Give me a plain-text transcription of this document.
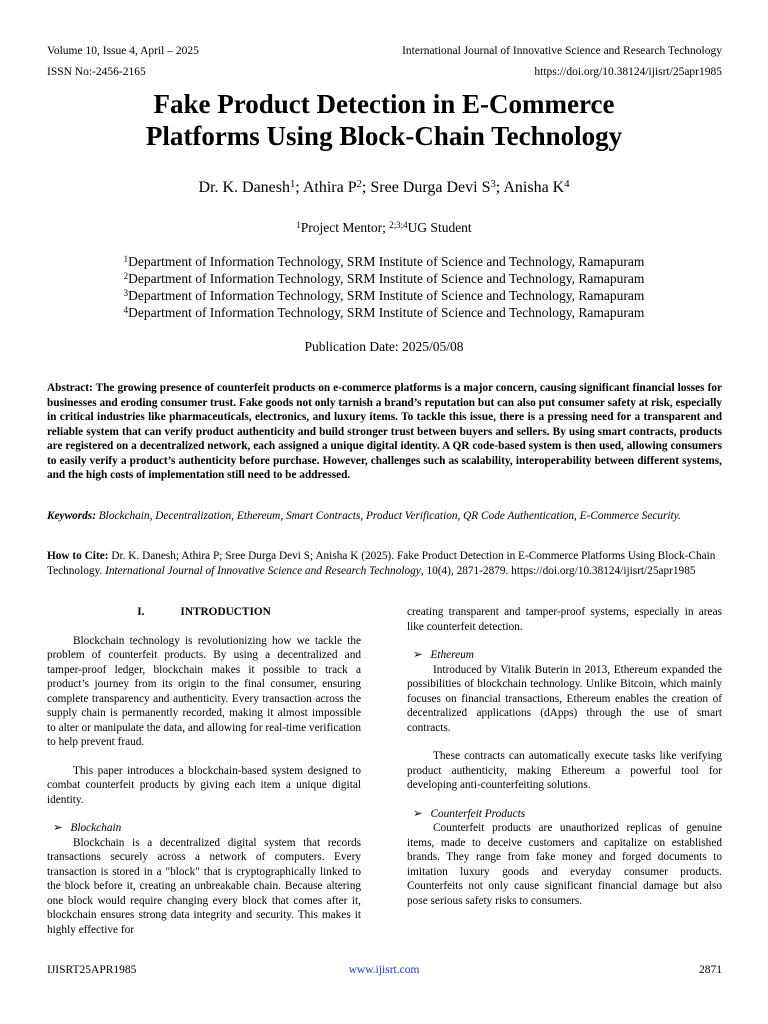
Volume 10, Issue 4, April – 2025	International Journal of Innovative Science and Research Technology
ISSN No:-2456-2165	https://doi.org/10.38124/ijisrt/25apr1985
Fake Product Detection in E-Commerce
Platforms Using Block-Chain Technology
Dr. K. Danesh$^1$; Athira $P^2$; Sree Durga Devi $S^3$; Anisha $K^4$
$^1$Project Mentor; $^{2;3;4}$UG Student
$^1$Department of Information Technology, SRM Institute of Science and Technology, Ramapuram
$^2$Department of Information Technology, SRM Institute of Science and Technology, Ramapuram
$^3$Department of Information Technology, SRM Institute of Science and Technology, Ramapuram
$^4$Department of Information Technology, SRM Institute of Science and Technology, Ramapuram
Publication Date: 2025/05/08
Abstract: The growing presence of counterfeit products on e-commerce platforms is a major concern, causing significant financial losses for businesses and eroding consumer trust. Fake goods not only tarnish a brand’s reputation but can also put consumer safety at risk, especially in critical industries like pharmaceuticals, electronics, and luxury items. To tackle this issue, there is a pressing need for a transparent and reliable system that can verify product authenticity and build stronger trust between buyers and sellers. By using smart contracts, products are registered on a decentralized network, each assigned a unique digital identity. A QR code-based system is then used, allowing consumers to easily verify a product’s authenticity before purchase. However, challenges such as scalability, interoperability between different systems, and the high costs of implementation still need to be addressed.
Keywords: Blockchain, Decentralization, Ethereum, Smart Contracts, Product Verification, QR Code Authentication, E-Commerce Security.
How to Cite: Dr. K. Danesh; Athira P; Sree Durga Devi S; Anisha K (2025). Fake Product Detection in E-Commerce Platforms Using Block-Chain Technology. International Journal of Innovative Science and Research Technology, 10(4), 2871-2879. https://doi.org/10.38124/ijisrt/25apr1985
I.	INTRODUCTION

Blockchain technology is revolutionizing how we tackle the problem of counterfeit products. By using a decentralized and tamper-proof ledger, blockchain makes it possible to track a product’s journey from its origin to the final consumer, ensuring complete transparency and authenticity. Every transaction across the supply chain is permanently recorded, making it almost impossible to alter or manipulate the data, and allowing for real-time verification to help prevent fraud.

This paper introduces a blockchain-based system designed to combat counterfeit products by giving each item a unique digital identity.

➢ Blockchain

Blockchain is a decentralized digital system that records transactions securely across a network of computers. Every transaction is stored in a "block" that is cryptographically linked to the block before it, creating an unbreakable chain. Because altering one block would require changing every block that comes after it, blockchain ensures strong data integrity and security. This makes it highly effective for

creating transparent and tamper-proof systems, especially in areas like counterfeit detection.

➢ Ethereum

Introduced by Vitalik Buterin in 2013, Ethereum expanded the possibilities of blockchain technology. Unlike Bitcoin, which mainly focuses on financial transactions, Ethereum enables the creation of decentralized applications (dApps) through the use of smart contracts.

These contracts can automatically execute tasks like verifying product authenticity, making Ethereum a powerful tool for developing anti-counterfeiting solutions.

➢ Counterfeit Products

Counterfeit products are unauthorized replicas of genuine items, made to deceive customers and capitalize on established brands. They range from fake money and forged documents to imitation luxury goods and everyday consumer products. Counterfeits not only cause significant financial damage but also pose serious safety risks to consumers.

IJISRT25APR1985	www.ijisrt.com	2871
